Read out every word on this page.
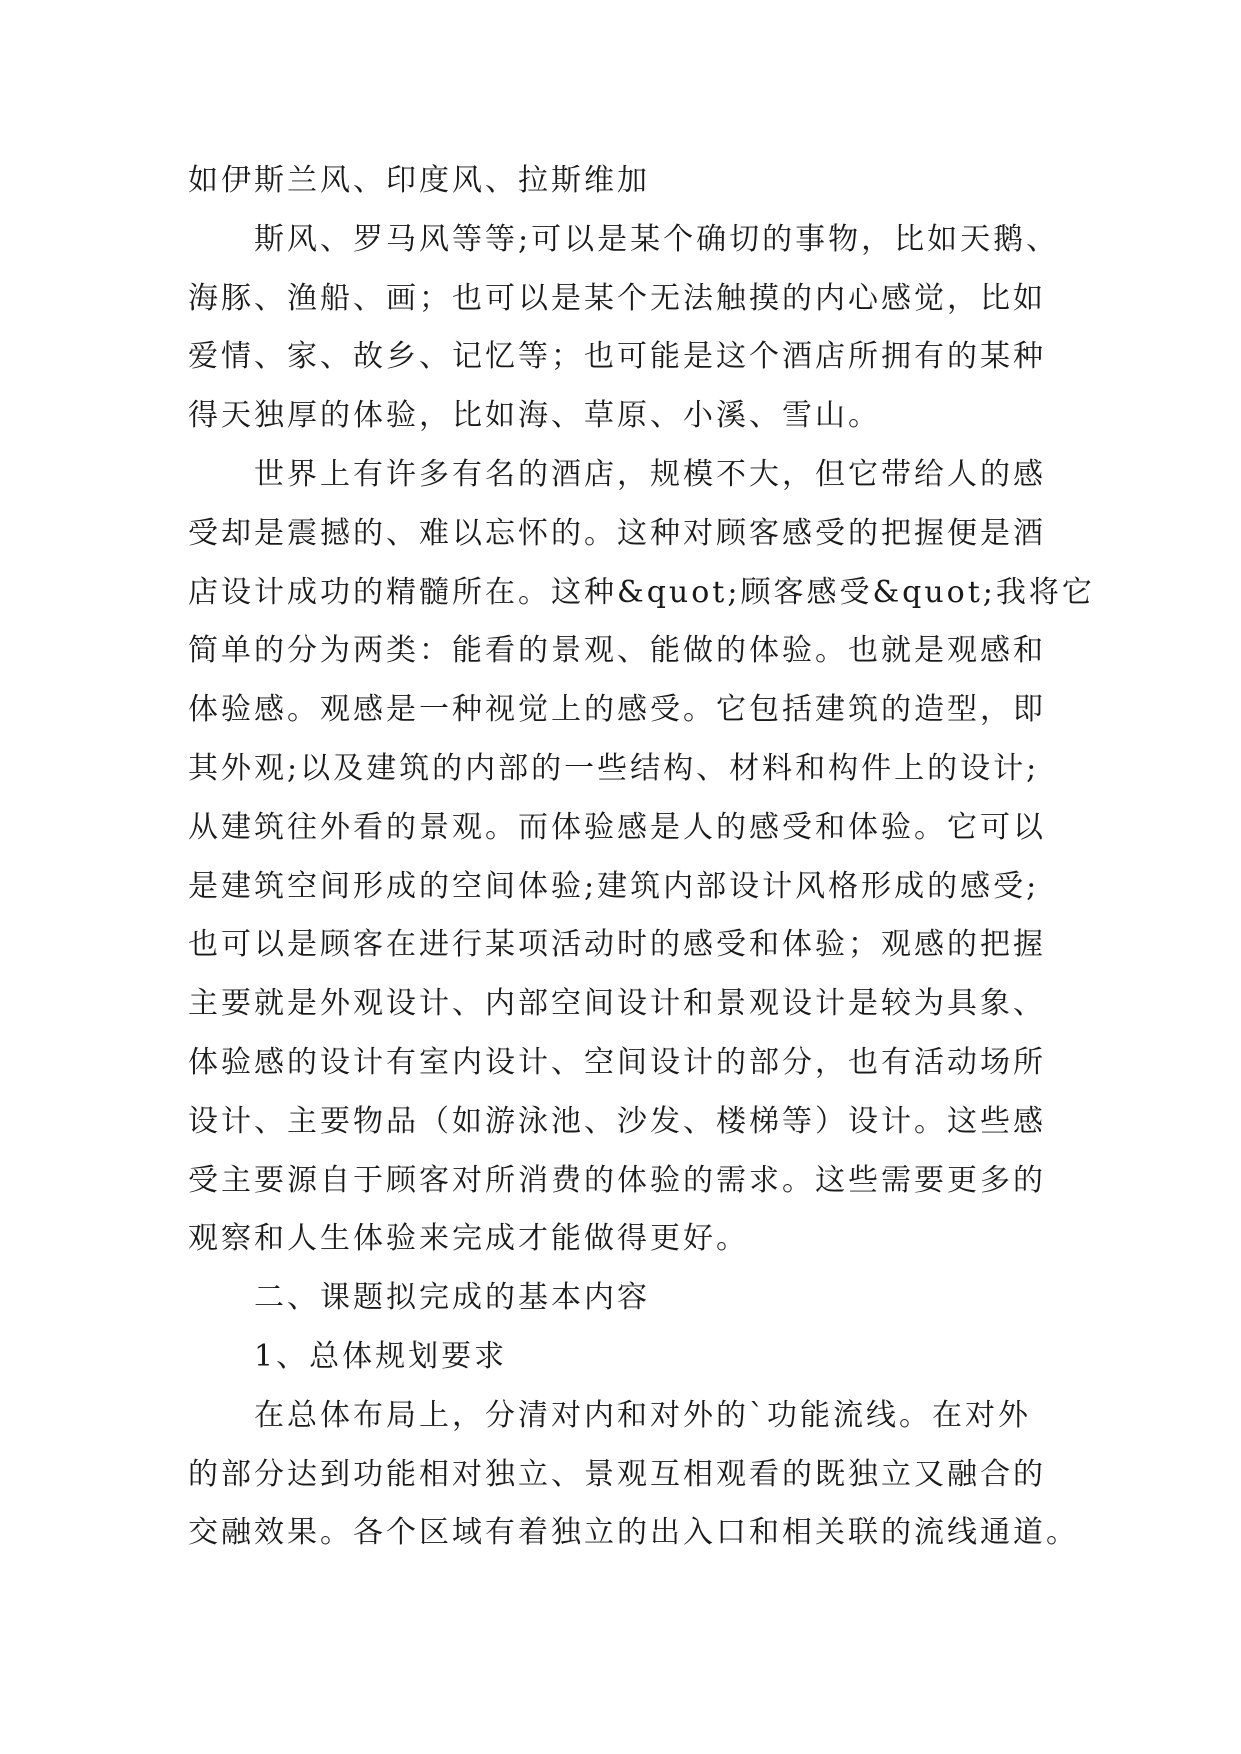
如伊斯兰风、印度风、拉斯维加
斯风、罗马风等等;可以是某个确切的事物，比如天鹅、
海豚、渔船、画；也可以是某个无法触摸的内心感觉，比如
爱情、家、故乡、记忆等；也可能是这个酒店所拥有的某种
得天独厚的体验，比如海、草原、小溪、雪山。
世界上有许多有名的酒店，规模不大，但它带给人的感
受却是震撼的、难以忘怀的。这种对顾客感受的把握便是酒
店设计成功的精髓所在。这种&quot;顾客感受&quot;我将它
简单的分为两类：能看的景观、能做的体验。也就是观感和
体验感。观感是一种视觉上的感受。它包括建筑的造型，即
其外观;以及建筑的内部的一些结构、材料和构件上的设计;
从建筑往外看的景观。而体验感是人的感受和体验。它可以
是建筑空间形成的空间体验;建筑内部设计风格形成的感受;
也可以是顾客在进行某项活动时的感受和体验；观感的把握
主要就是外观设计、内部空间设计和景观设计是较为具象、
体验感的设计有室内设计、空间设计的部分，也有活动场所
设计、主要物品（如游泳池、沙发、楼梯等）设计。这些感
受主要源自于顾客对所消费的体验的需求。这些需要更多的
观察和人生体验来完成才能做得更好。
二、课题拟完成的基本内容
1、总体规划要求
在总体布局上，分清对内和对外的`功能流线。在对外
的部分达到功能相对独立、景观互相观看的既独立又融合的
交融效果。各个区域有着独立的出入口和相关联的流线通道。
